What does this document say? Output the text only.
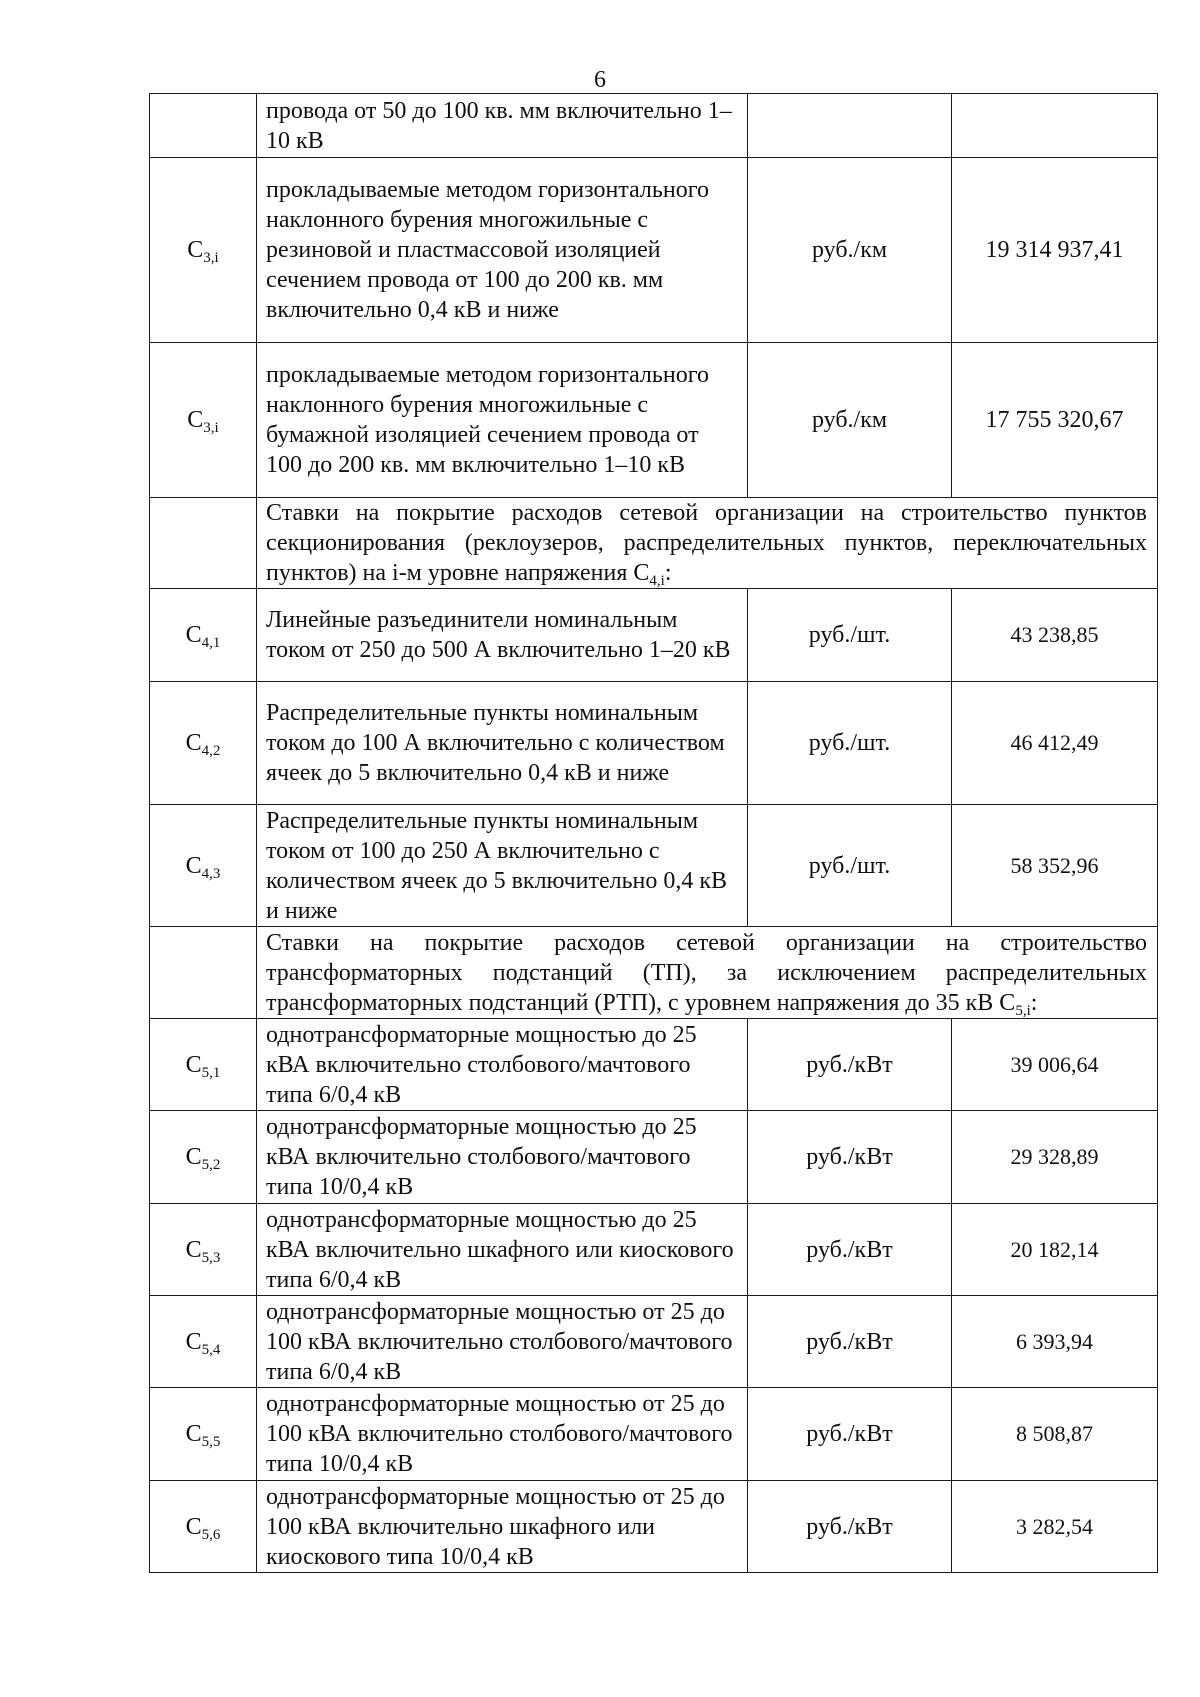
6
	провода от 50 до 100 кв. мм включительно 1–10 кВ		
$С_{3,i}$	прокладываемые методом горизонтального наклонного бурения многожильные с резиновой и пластмассовой изоляцией сечением провода от 100 до 200 кв. мм включительно 0,4 кВ и ниже	руб./км	19 314 937,41
$С_{3,i}$	прокладываемые методом горизонтального наклонного бурения многожильные с бумажной изоляцией сечением провода от 100 до 200 кв. мм включительно 1–10 кВ	руб./км	17 755 320,67
	Ставки на покрытие расходов сетевой организации на строительство пунктов секционирования (реклоузеров, распределительных пунктов, переключательных пунктов) на i-м уровне напряжения $С_{4,i}$:		
$С_{4,1}$	Линейные разъединители номинальным током от 250 до 500 А включительно 1–20 кВ	руб./шт.	43 238,85
$С_{4,2}$	Распределительные пункты номинальным током до 100 А включительно с количеством ячеек до 5 включительно 0,4 кВ и ниже	руб./шт.	46 412,49
$С_{4,3}$	Распределительные пункты номинальным током от 100 до 250 А включительно с количеством ячеек до 5 включительно 0,4 кВ и ниже	руб./шт.	58 352,96
	Ставки на покрытие расходов сетевой организации на строительство трансформаторных подстанций (ТП), за исключением распределительных трансформаторных подстанций (РТП), с уровнем напряжения до 35 кВ $С_{5,i}$:		
$С_{5,1}$	однотрансформаторные мощностью до 25 кВА включительно столбового/мачтового типа 6/0,4 кВ	руб./кВт	39 006,64
$С_{5,2}$	однотрансформаторные мощностью до 25 кВА включительно столбового/мачтового типа 10/0,4 кВ	руб./кВт	29 328,89
$С_{5,3}$	однотрансформаторные мощностью до 25 кВА включительно шкафного или киоскового типа 6/0,4 кВ	руб./кВт	20 182,14
$С_{5,4}$	однотрансформаторные мощностью от 25 до 100 кВА включительно столбового/мачтового типа 6/0,4 кВ	руб./кВт	6 393,94
$С_{5,5}$	однотрансформаторные мощностью от 25 до 100 кВА включительно столбового/мачтового типа 10/0,4 кВ	руб./кВт	8 508,87
$С_{5,6}$	однотрансформаторные мощностью от 25 до 100 кВА включительно шкафного или киоскового типа 10/0,4 кВ	руб./кВт	3 282,54
